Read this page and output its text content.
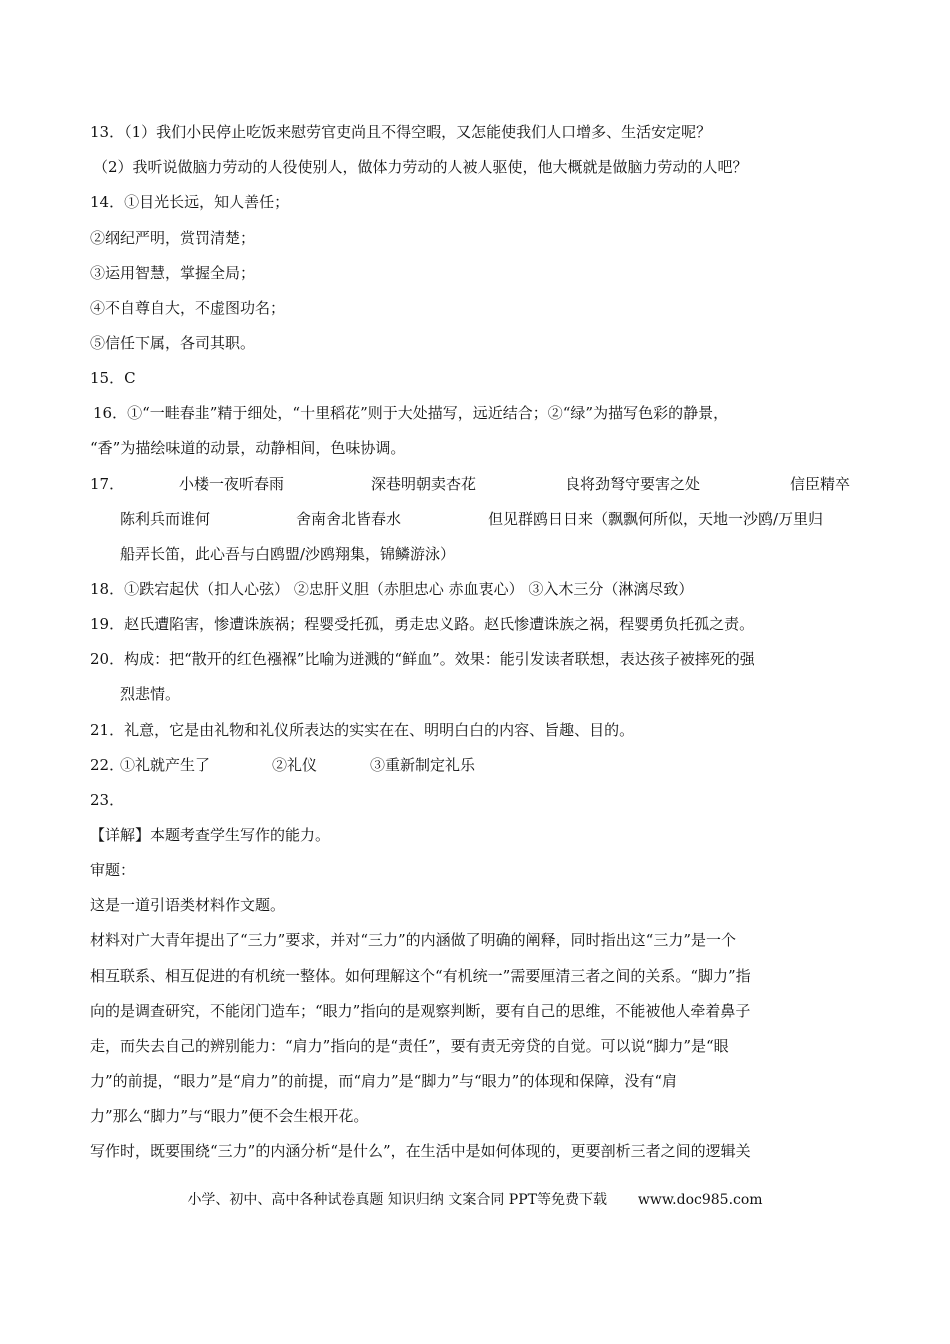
13．（1）我们小民停止吃饭来慰劳官吏尚且不得空暇，又怎能使我们人口增多、生活安定呢？
（2）我听说做脑力劳动的人役使别人，做体力劳动的人被人驱使，他大概就是做脑力劳动的人吧？
14．①目光长远，知人善任；
②纲纪严明，赏罚清楚；
③运用智慧，掌握全局；
④不自尊自大，不虚图功名；
⑤信任下属，各司其职。
15．C
16．①“一畦春韭”精于细处，“十里稻花”则于大处描写，远近结合；②“绿”为描写色彩的静景，
“香”为描绘味道的动景，动静相间，色味协调。
17．	小楼一夜听春雨	深巷明朝卖杏花	良将劲弩守要害之处	信臣精卒
陈利兵而谁何	舍南舍北皆春水	但见群鸥日日来（飘飘何所似，天地一沙鸥/万里归
船弄长笛，此心吾与白鸥盟/沙鸥翔集，锦鳞游泳）
18．①跌宕起伏（扣人心弦） ②忠肝义胆（赤胆忠心 赤血衷心） ③入木三分（淋漓尽致）
19．赵氏遭陷害，惨遭诛族祸；程婴受托孤，勇走忠义路。赵氏惨遭诛族之祸，程婴勇负托孤之责。
20．构成：把“散开的红色襁褓”比喻为迸溅的“鲜血”。效果：能引发读者联想，表达孩子被摔死的强
烈悲情。
21．礼意，它是由礼物和礼仪所表达的实实在在、明明白白的内容、旨趣、目的。
22．
①礼就产生了	②礼仪	③重新制定礼乐
23．
【详解】本题考查学生写作的能力。
审题：
这是一道引语类材料作文题。
材料对广大青年提出了“三力”要求，并对“三力”的内涵做了明确的阐释，同时指出这“三力”是一个
相互联系、相互促进的有机统一整体。如何理解这个“有机统一”需要厘清三者之间的关系。“脚力”指
向的是调查研究，不能闭门造车；“眼力”指向的是观察判断，要有自己的思维，不能被他人牵着鼻子
走，而失去自己的辨别能力：“肩力”指向的是“责任”，要有责无旁贷的自觉。可以说“脚力”是“眼
力”的前提，“眼力”是“肩力”的前提，而“肩力”是“脚力”与“眼力”的体现和保障，没有“肩
力”那么“脚力”与“眼力”便不会生根开花。
写作时，既要围绕“三力”的内涵分析“是什么”，在生活中是如何体现的，更要剖析三者之间的逻辑关
小学、初中、高中各种试卷真题 知识归纳 文案合同 PPT等免费下载 www.doc985.com
